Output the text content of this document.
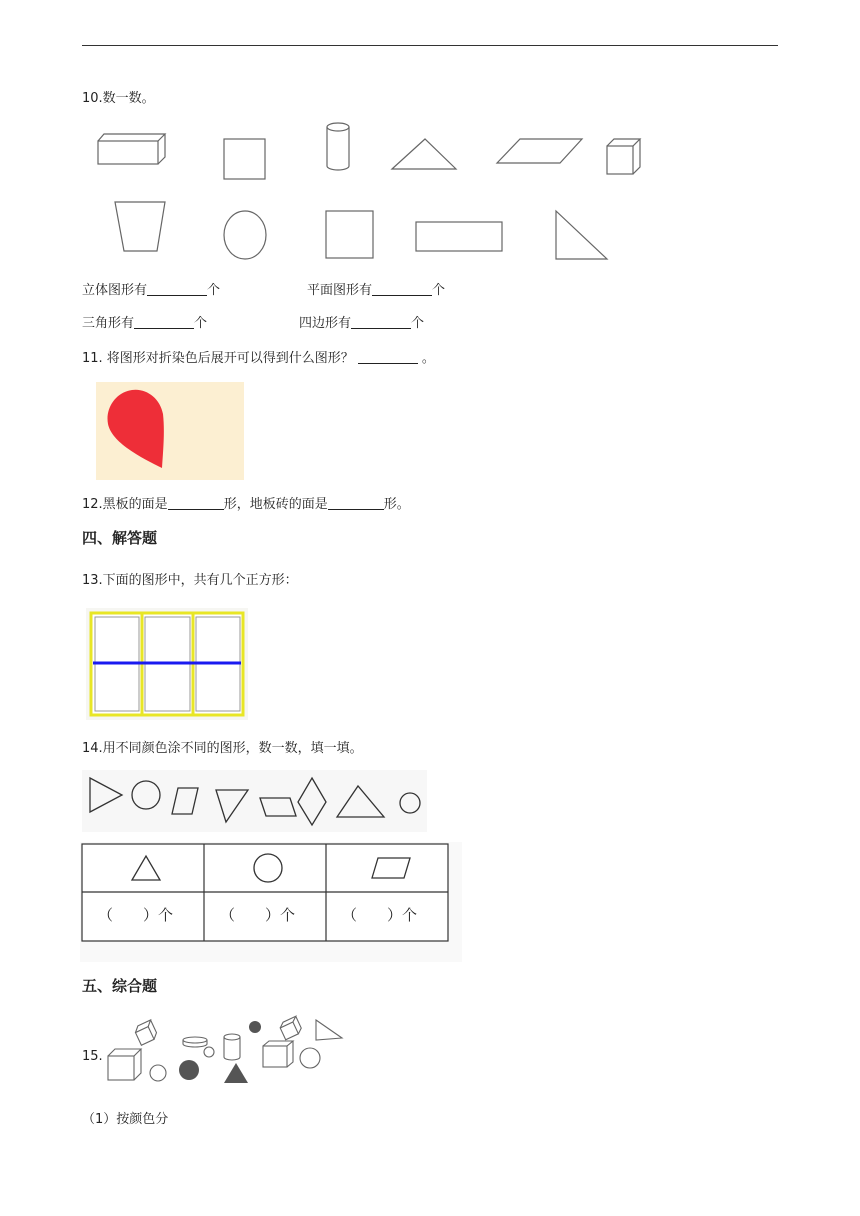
10.数一数。
立体图形有	个	平面图形有	个
三角形有	个	四边形有	个
11. 将图形对折染色后展开可以得到什么图形？	。
12.黑板的面是	形，地板砖的面是	形。
四、解答题
13.下面的图形中，共有几个正方形：
14.用不同颜色涂不同的图形，数一数，填一填。
（　　）个	（　　）个	（　　）个
五、综合题
15.
（1）按颜色分
